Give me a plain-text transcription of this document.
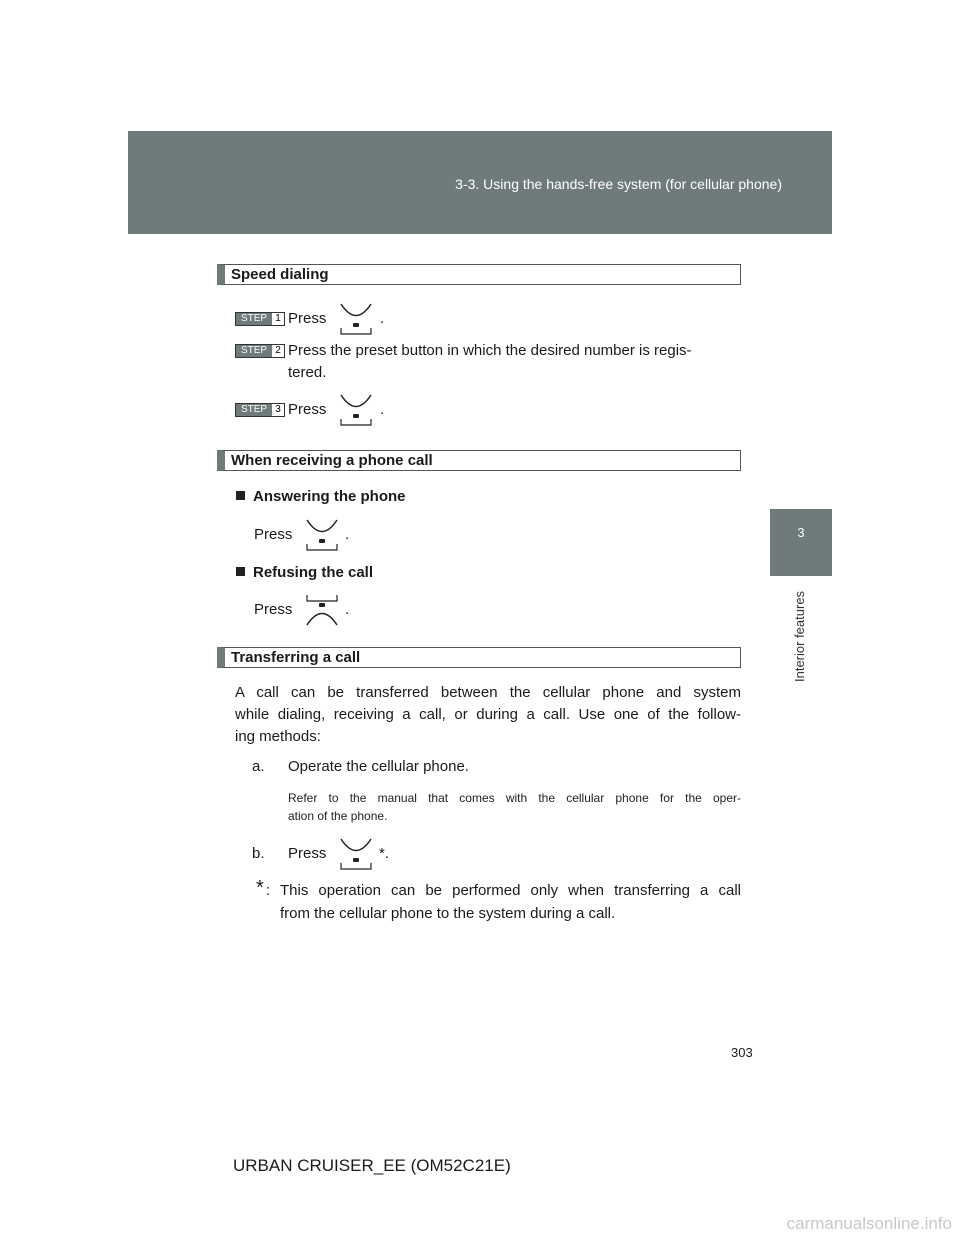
3-3. Using the hands-free system (for cellular phone)
3
Interior features
Speed dialing
STEP 1 Press	.
STEP 2 Press the preset button in which the desired number is regis-
tered.
STEP 3 Press	.
When receiving a phone call
Answering the phone
Press	.
Refusing the call
Press	.
Transferring a call
A call can be transferred between the cellular phone and system
while dialing, receiving a call, or during a call. Use one of the follow-
ing methods:
a. Operate the cellular phone.
Refer to the manual that comes with the cellular phone for the oper-
ation of the phone.
b. Press	*.
* : This operation can be performed only when transferring a call
from the cellular phone to the system during a call.
303
URBAN CRUISER_EE (OM52C21E)
carmanualsonline.info
